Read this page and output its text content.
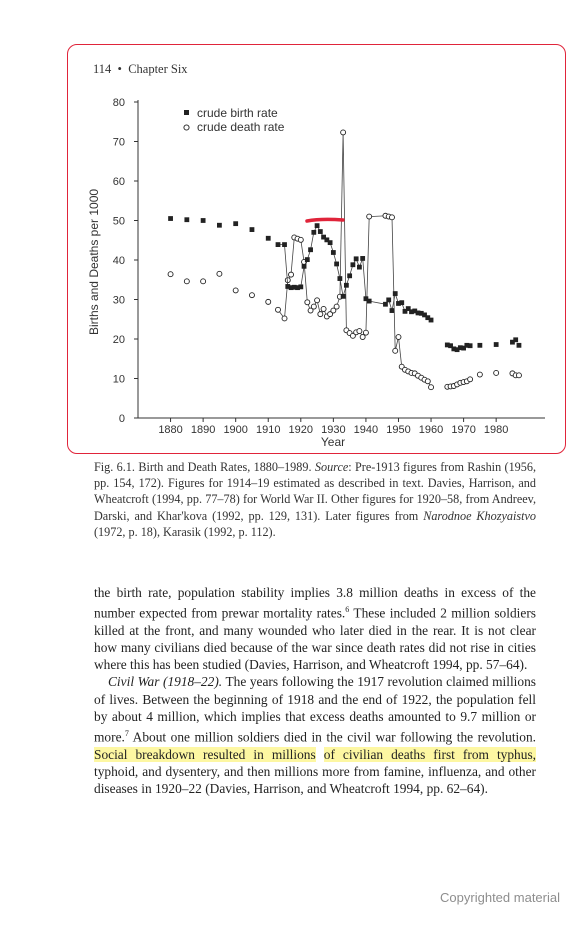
114 • Chapter Six
0
10
20
30
40
50
60
70
80
1880 1890 1900 1910 1920 1930 1940 1950 1960 1970 1980
Year
Births and Deaths per 1000
crude birth rate
crude death rate
Fig. 6.1. Birth and Death Rates, 1880–1989. Source: Pre-1913 figures from Rashin (1956, pp. 154, 172). Figures for 1914–19 estimated as described in text. Davies, Harrison, and Wheatcroft (1994, pp. 77–78) for World War II. Other figures for 1920–58, from Andreev, Darski, and Khar'kova (1992, pp. 129, 131). Later figures from Narodnoe Khozyaistvo (1972, p. 18), Karasik (1992, p. 112).

the birth rate, population stability implies 3.8 million deaths in excess of the number expected from prewar mortality rates.$^6$ These included 2 million soldiers killed at the front, and many wounded who later died in the rear. It is not clear how many civilians died because of the war since death rates did not rise in cities where this has been studied (Davies, Harrison, and Wheatcroft 1994, pp. 57–64).

Civil War (1918–22). The years following the 1917 revolution claimed millions of lives. Between the beginning of 1918 and the end of 1922, the population fell by about 4 million, which implies that excess deaths amounted to 9.7 million or more.$^7$ About one million soldiers died in the civil war following the revolution. Social breakdown resulted in millions of civilian deaths first from typhus, typhoid, and dysentery, and then millions more from famine, influenza, and other diseases in 1920–22 (Davies, Harrison, and Wheatcroft 1994, pp. 62–64).

Copyrighted material
